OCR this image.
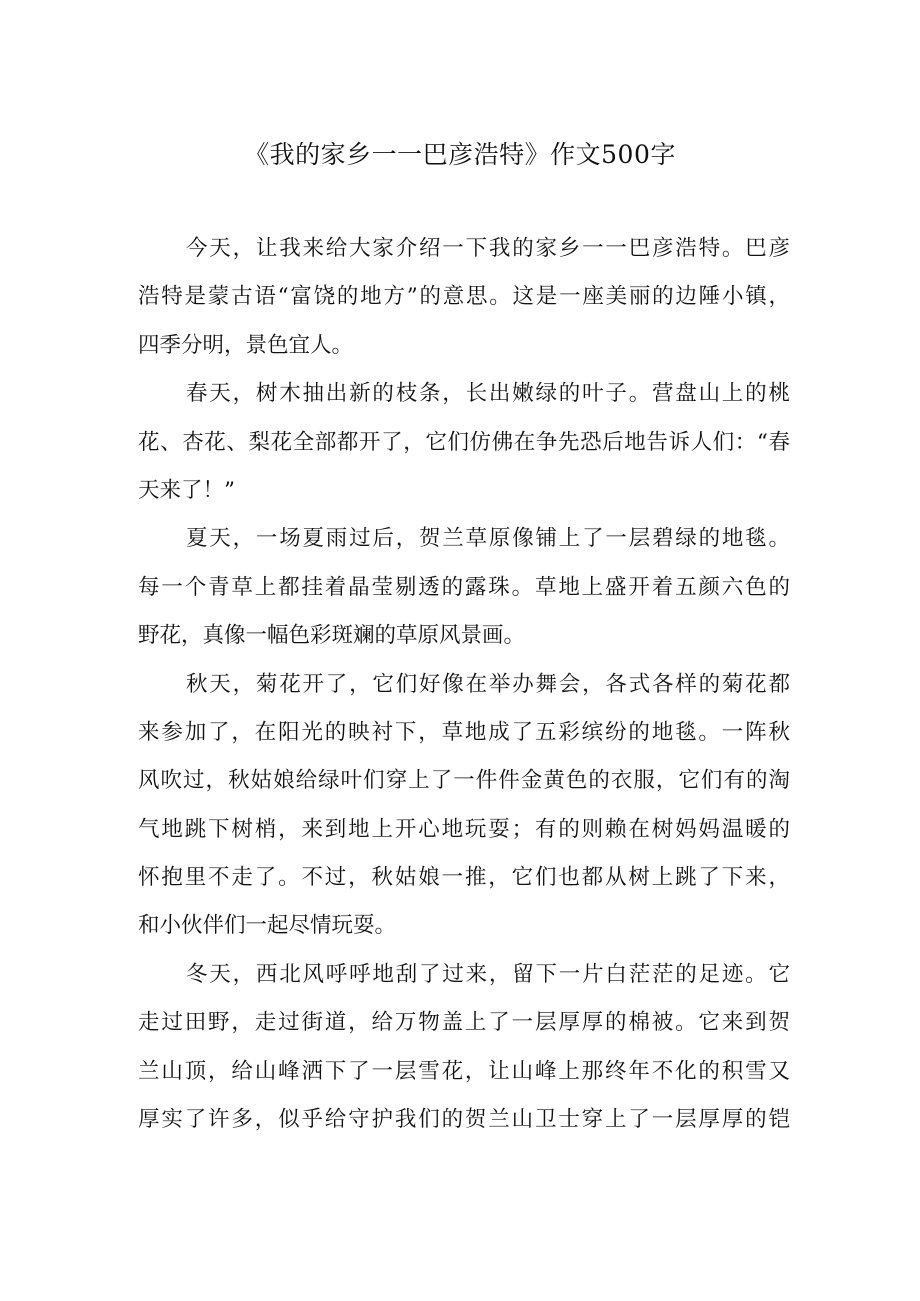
《我的家乡一一巴彦浩特》作文500字

今天，让我来给大家介绍一下我的家乡一一巴彦浩特。巴彦
浩特是蒙古语“富饶的地方”的意思。这是一座美丽的边陲小镇，
四季分明，景色宜人。

春天，树木抽出新的枝条，长出嫩绿的叶子。营盘山上的桃
花、杏花、梨花全部都开了，它们仿佛在争先恐后地告诉人们：“春
天来了！”

夏天，一场夏雨过后，贺兰草原像铺上了一层碧绿的地毯。
每一个青草上都挂着晶莹剔透的露珠。草地上盛开着五颜六色的
野花，真像一幅色彩斑斓的草原风景画。

秋天，菊花开了，它们好像在举办舞会，各式各样的菊花都
来参加了，在阳光的映衬下，草地成了五彩缤纷的地毯。一阵秋
风吹过，秋姑娘给绿叶们穿上了一件件金黄色的衣服，它们有的淘
气地跳下树梢，来到地上开心地玩耍；有的则赖在树妈妈温暖的
怀抱里不走了。不过，秋姑娘一推，它们也都从树上跳了下来，
和小伙伴们一起尽情玩耍。

冬天，西北风呼呼地刮了过来，留下一片白茫茫的足迹。它
走过田野，走过街道，给万物盖上了一层厚厚的棉被。它来到贺
兰山顶，给山峰洒下了一层雪花，让山峰上那终年不化的积雪又
厚实了许多，似乎给守护我们的贺兰山卫士穿上了一层厚厚的铠
